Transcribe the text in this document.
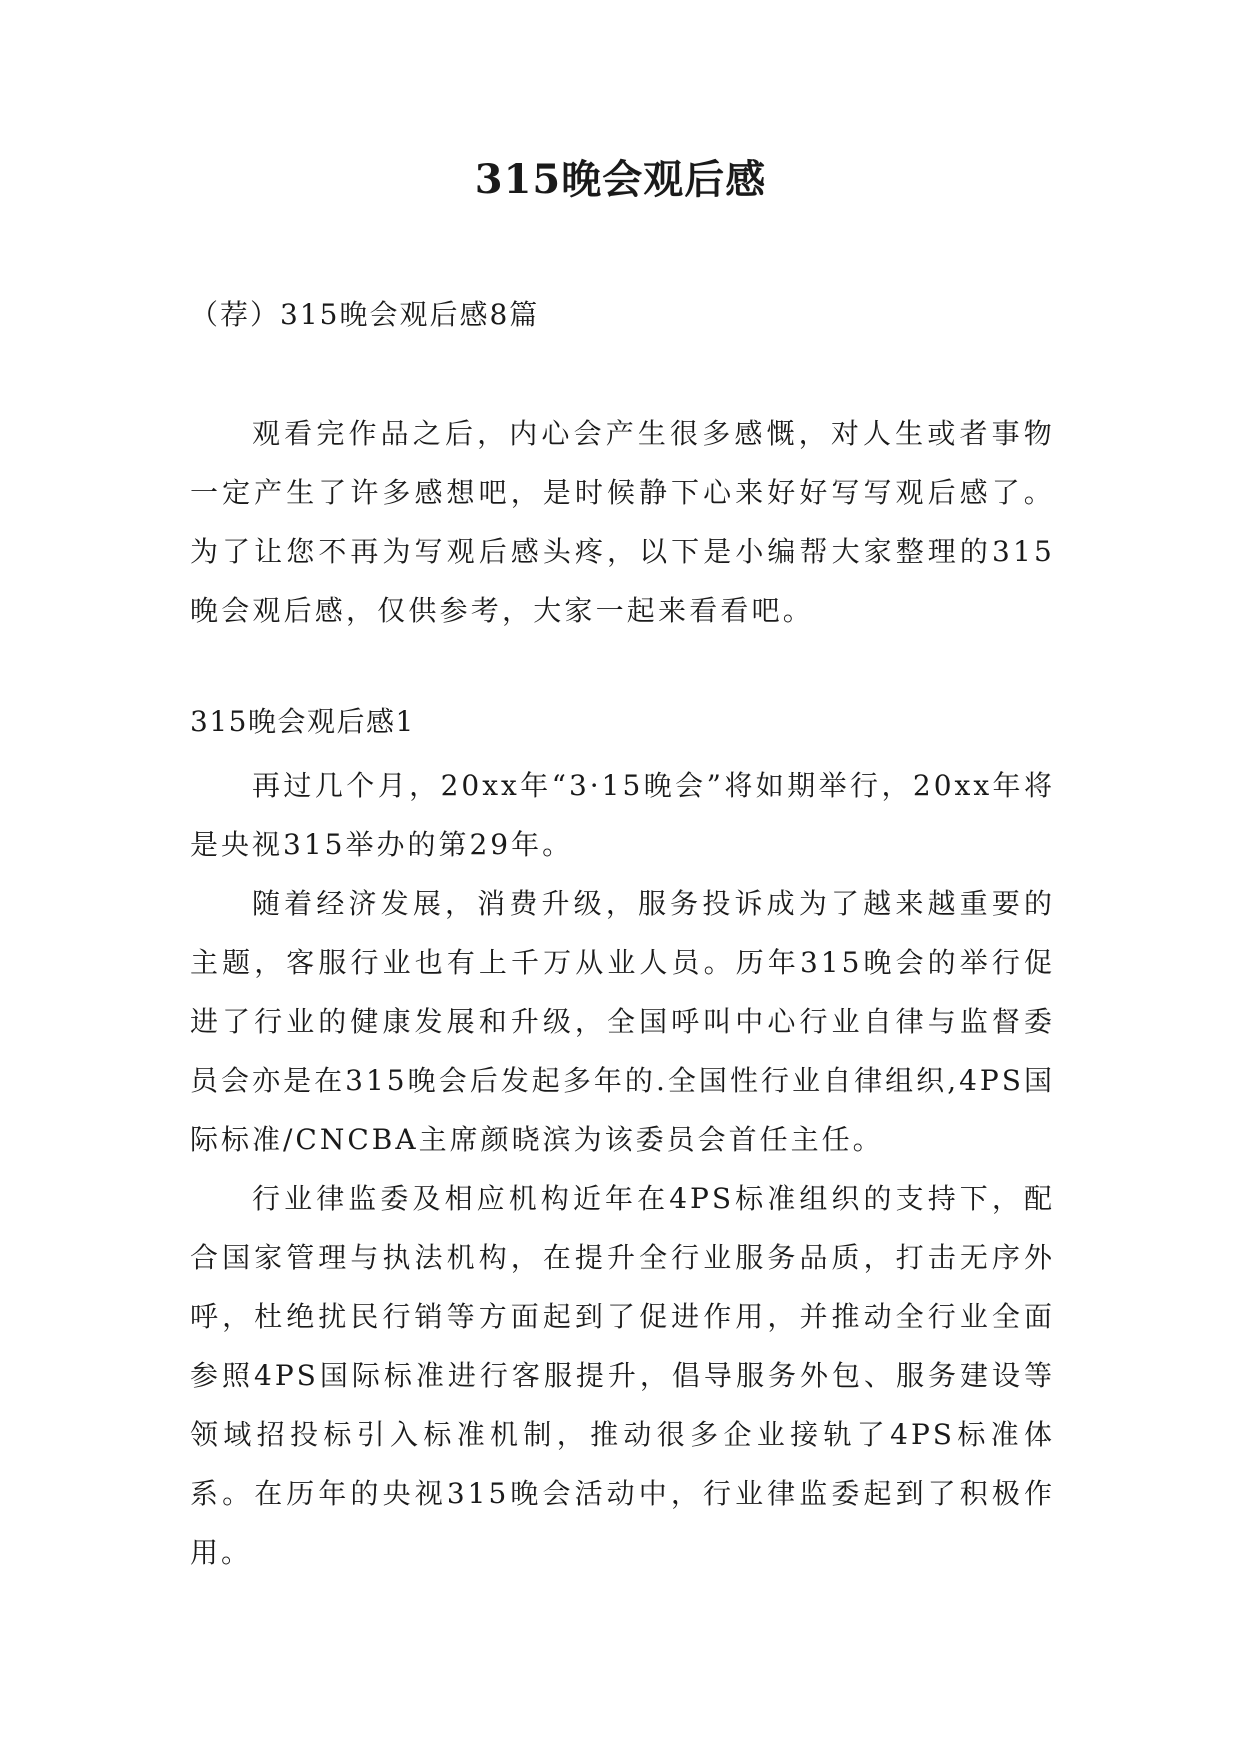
315晚会观后感
（荐）315晚会观后感8篇

观看完作品之后，内心会产生很多感慨，对人生或者事物一定产生了许多感想吧，是时候静下心来好好写写观后感了。为了让您不再为写观后感头疼，以下是小编帮大家整理的315晚会观后感，仅供参考，大家一起来看看吧。

315晚会观后感1

再过几个月，20xx年“3·15晚会”将如期举行，20xx年将是央视315举办的第29年。

随着经济发展，消费升级，服务投诉成为了越来越重要的主题，客服行业也有上千万从业人员。历年315晚会的举行促进了行业的健康发展和升级，全国呼叫中心行业自律与监督委员会亦是在315晚会后发起多年的.全国性行业自律组织,4PS国际标准/CNCBA主席颜晓滨为该委员会首任主任。

行业律监委及相应机构近年在4PS标准组织的支持下，配合国家管理与执法机构，在提升全行业服务品质，打击无序外呼，杜绝扰民行销等方面起到了促进作用，并推动全行业全面参照4PS国际标准进行客服提升，倡导服务外包、服务建设等领域招投标引入标准机制，推动很多企业接轨了4PS标准体系。在历年的央视315晚会活动中，行业律监委起到了积极作用。
